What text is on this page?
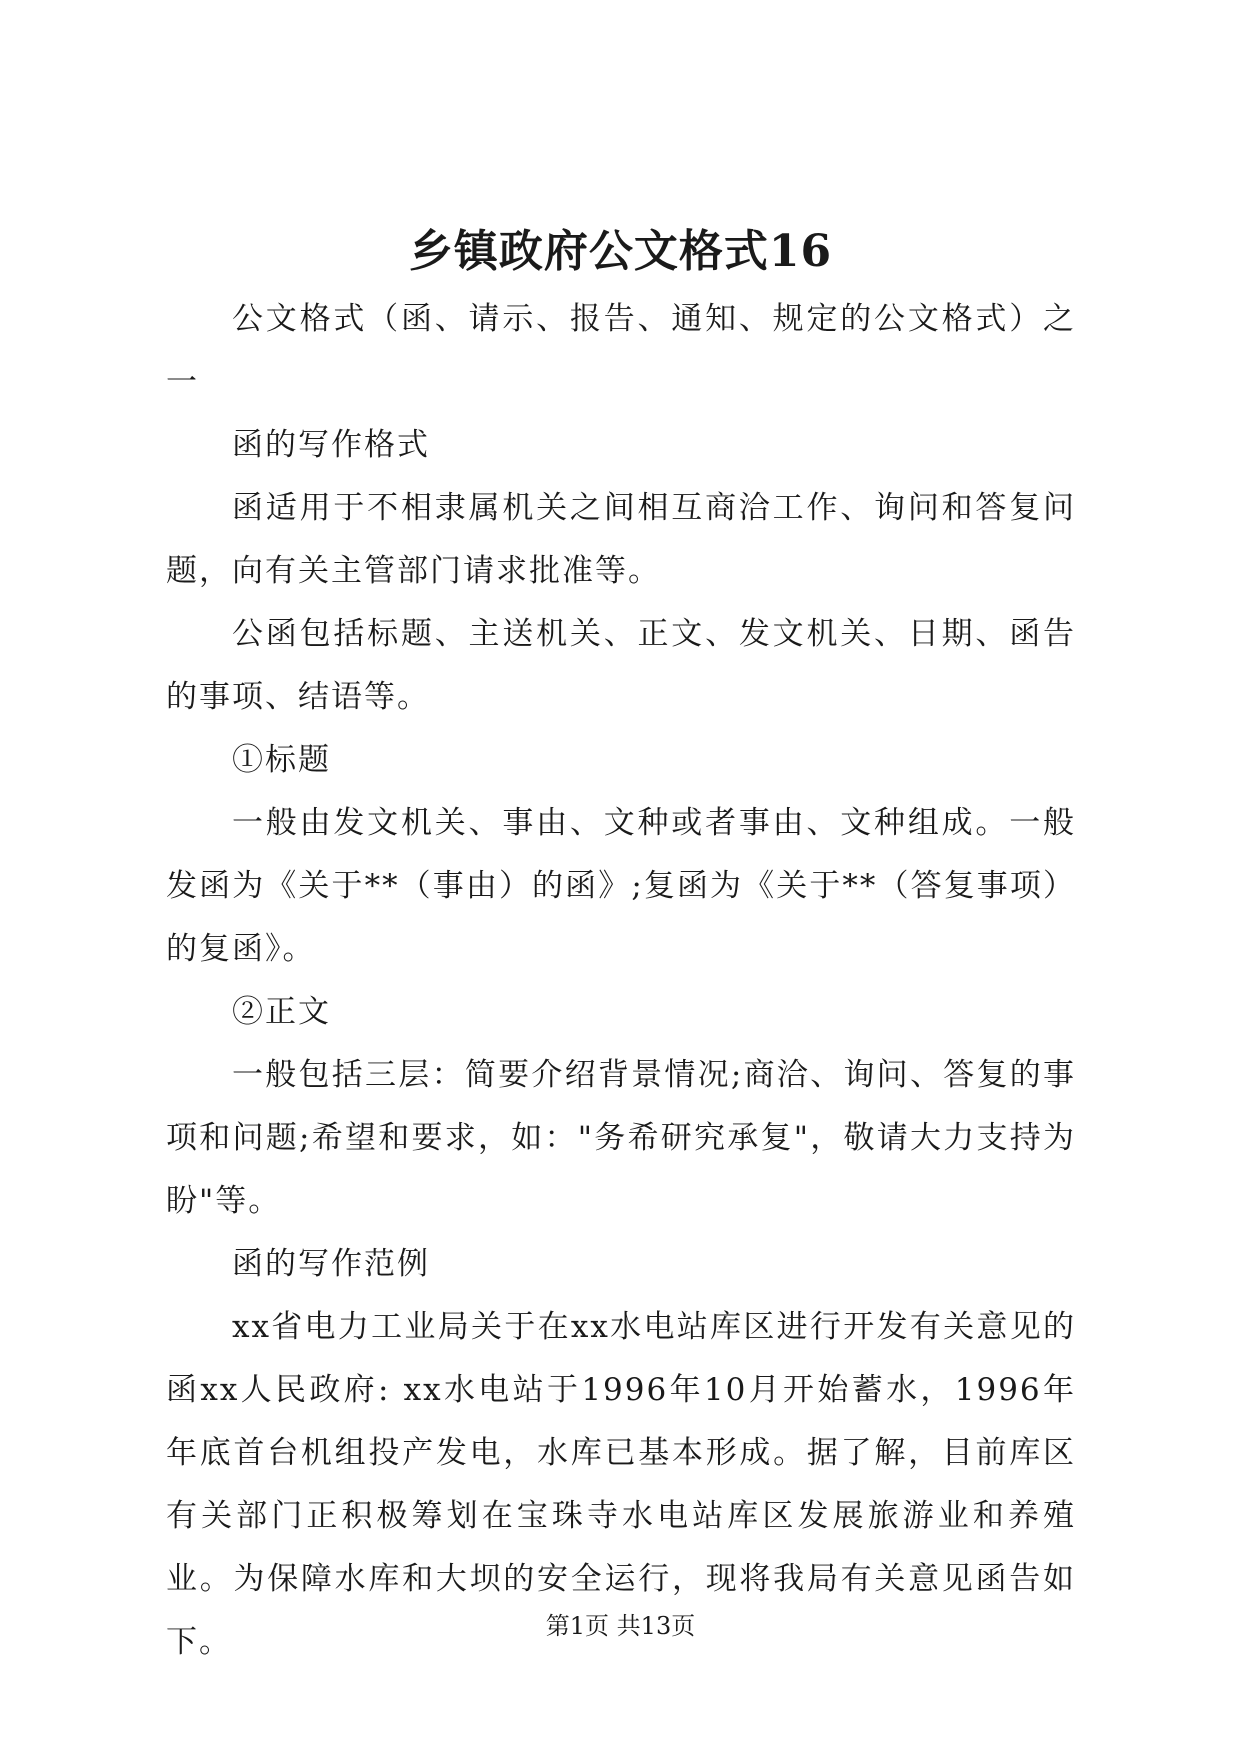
乡镇政府公文格式16

公文格式（函、请示、报告、通知、规定的公文格式）之一

函的写作格式

函适用于不相隶属机关之间相互商洽工作、询问和答复问题，向有关主管部门请求批准等。

公函包括标题、主送机关、正文、发文机关、日期、函告的事项、结语等。

①标题

一般由发文机关、事由、文种或者事由、文种组成。一般发函为《关于**（事由）的函》;复函为《关于**（答复事项）的复函》。

②正文

一般包括三层：简要介绍背景情况;商洽、询问、答复的事项和问题;希望和要求，如："务希研究承复"，敬请大力支持为盼"等。

函的写作范例

xx省电力工业局关于在xx水电站库区进行开发有关意见的函xx人民政府: xx水电站于1996年10月开始蓄水，1996年年底首台机组投产发电，水库已基本形成。据了解，目前库区有关部门正积极筹划在宝珠寺水电站库区发展旅游业和养殖业。为保障水库和大坝的安全运行，现将我局有关意见函告如下。	第1页 共13页
